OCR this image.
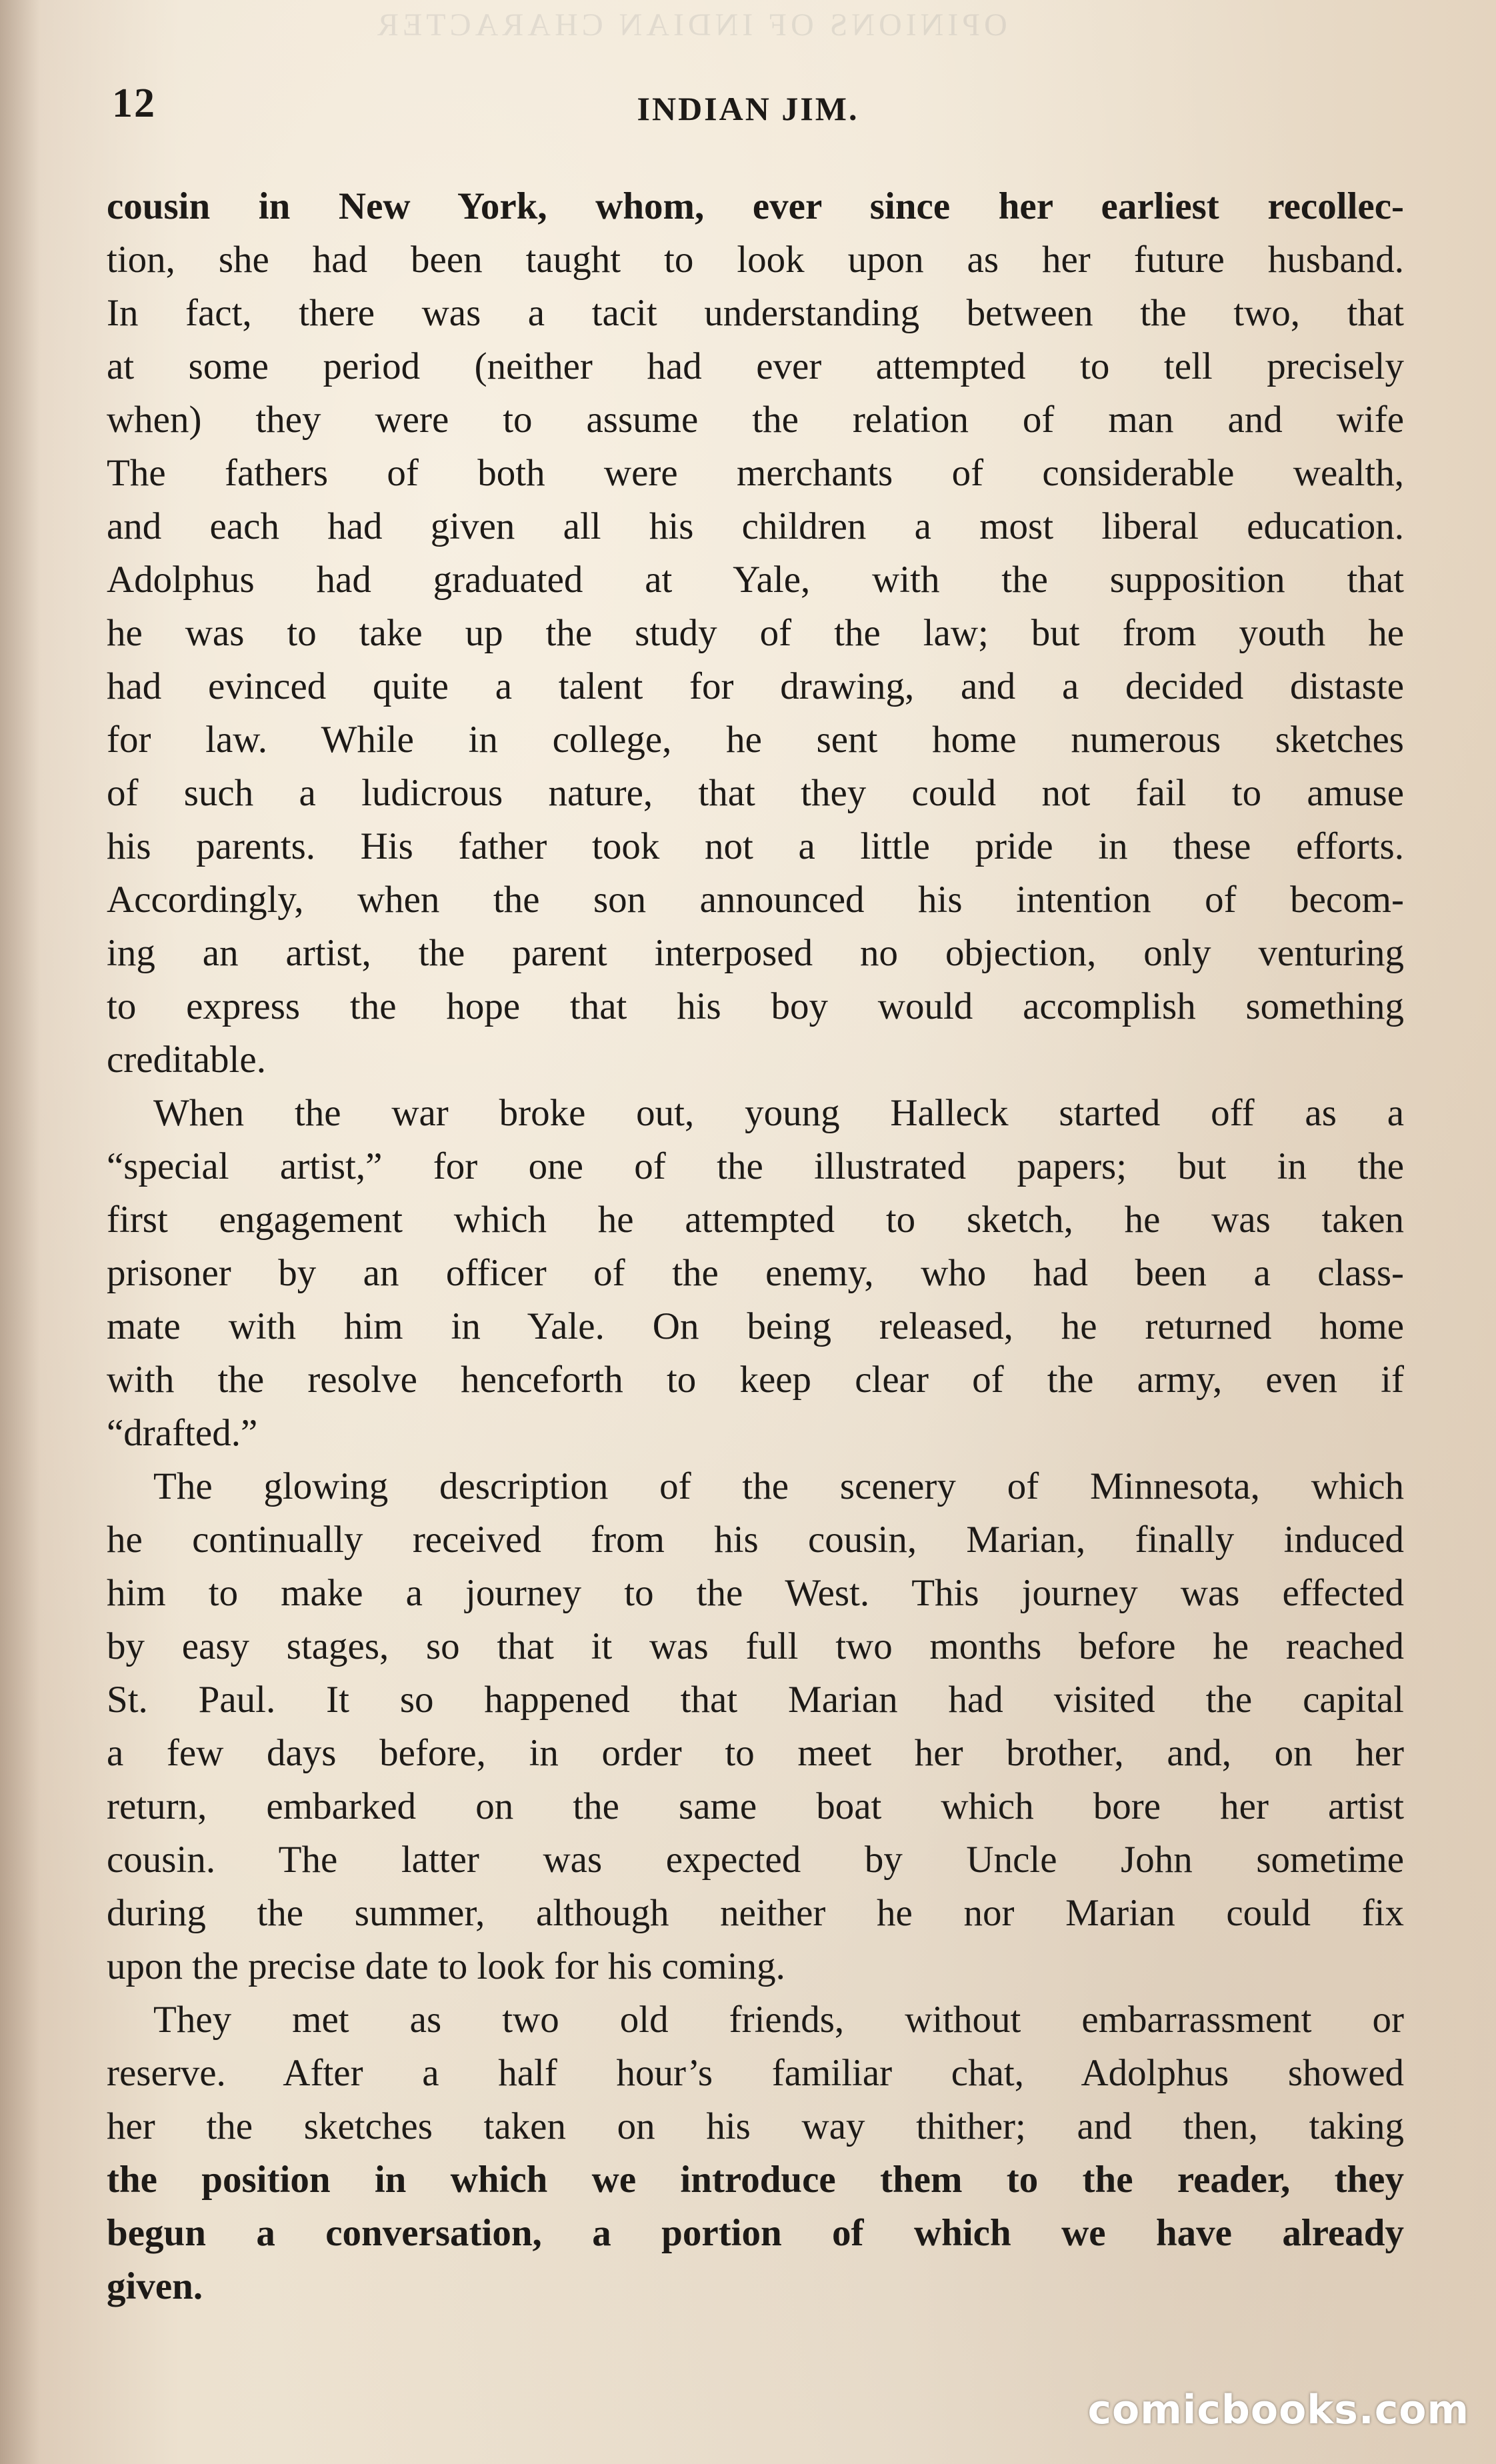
OPINIONS OF INDIAN CHARACTER
12	INDIAN JIM.
cousin in New York, whom, ever since her earliest recollec-
tion, she had been taught to look upon as her future husband.
In fact, there was a tacit understanding between the two, that
at some period (neither had ever attempted to tell precisely
when) they were to assume the relation of man and wife
The fathers of both were merchants of considerable wealth,
and each had given all his children a most liberal education.
Adolphus had graduated at Yale, with the supposition that
he was to take up the study of the law; but from youth he
had evinced quite a talent for drawing, and a decided distaste
for law. While in college, he sent home numerous sketches
of such a ludicrous nature, that they could not fail to amuse
his parents. His father took not a little pride in these efforts.
Accordingly, when the son announced his intention of becom-
ing an artist, the parent interposed no objection, only venturing
to express the hope that his boy would accomplish something
creditable.
When the war broke out, young Halleck started off as a
“special artist,” for one of the illustrated papers; but in the
first engagement which he attempted to sketch, he was taken
prisoner by an officer of the enemy, who had been a class-
mate with him in Yale. On being released, he returned home
with the resolve henceforth to keep clear of the army, even if
“drafted.”
The glowing description of the scenery of Minnesota, which
he continually received from his cousin, Marian, finally induced
him to make a journey to the West. This journey was effected
by easy stages, so that it was full two months before he reached
St. Paul. It so happened that Marian had visited the capital
a few days before, in order to meet her brother, and, on her
return, embarked on the same boat which bore her artist
cousin. The latter was expected by Uncle John sometime
during the summer, although neither he nor Marian could fix
upon the precise date to look for his coming.
They met as two old friends, without embarrassment or
reserve. After a half hour’s familiar chat, Adolphus showed
her the sketches taken on his way thither; and then, taking
the position in which we introduce them to the reader, they
begun a conversation, a portion of which we have already
given.
comicbooks.com
